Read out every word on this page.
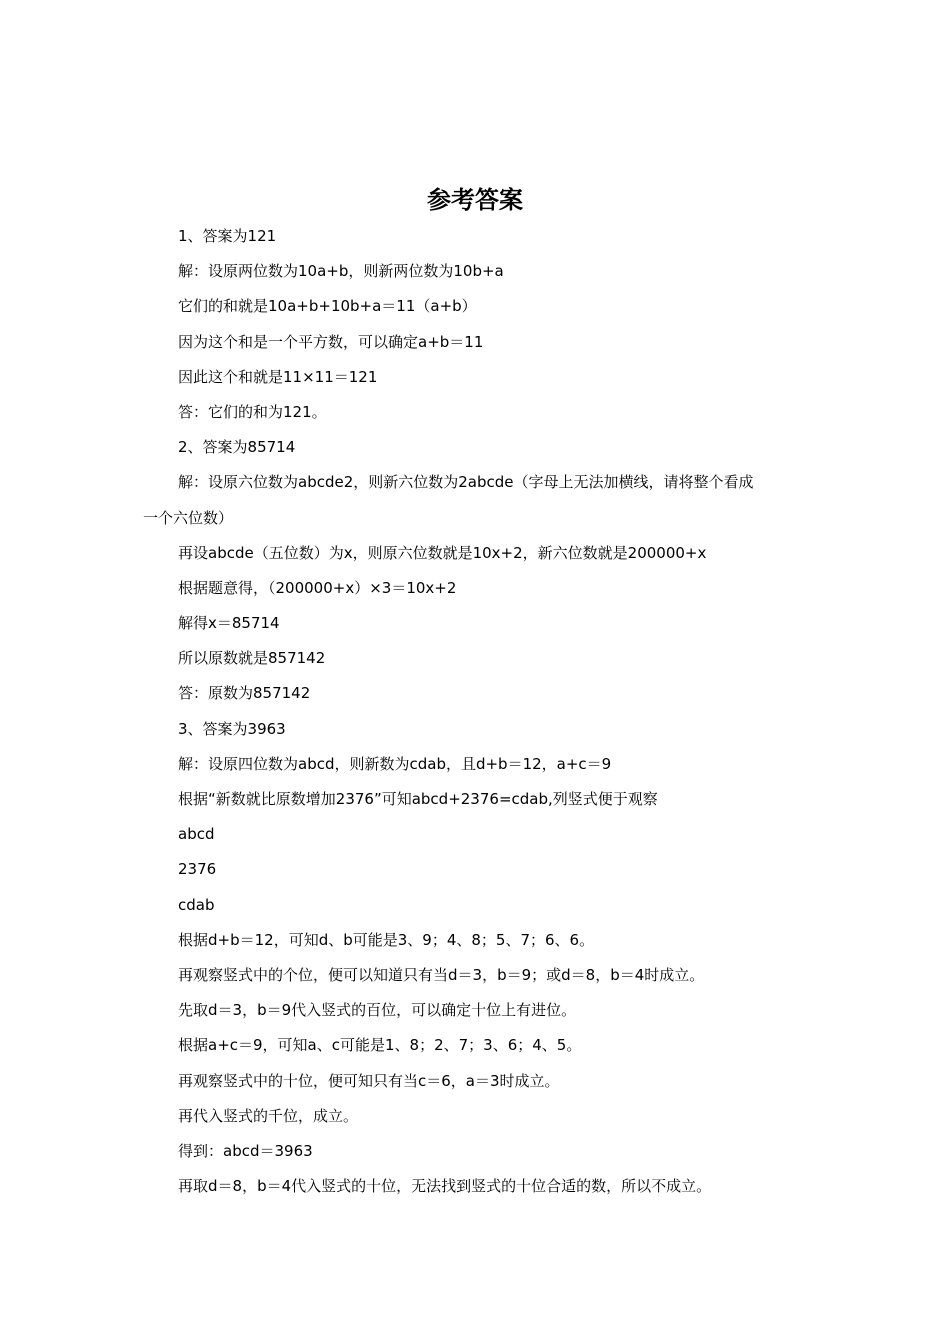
参考答案
1、答案为121
解：设原两位数为10a+b，则新两位数为10b+a
它们的和就是10a+b+10b+a＝11（a+b）
因为这个和是一个平方数，可以确定a+b＝11
因此这个和就是11×11＝121
答：它们的和为121。
2、答案为85714
解：设原六位数为abcde2，则新六位数为2abcde（字母上无法加横线，请将整个看成
一个六位数）
再设abcde（五位数）为x，则原六位数就是10x+2，新六位数就是200000+x
根据题意得，（200000+x）×3＝10x+2
解得x＝85714
所以原数就是857142
答：原数为857142
3、答案为3963
解：设原四位数为abcd，则新数为cdab，且d+b＝12，a+c＝9
根据“新数就比原数增加2376”可知abcd+2376=cdab,列竖式便于观察
abcd
2376
cdab
根据d+b＝12，可知d、b可能是3、9；4、8；5、7；6、6。
再观察竖式中的个位，便可以知道只有当d＝3，b＝9；或d＝8，b＝4时成立。
先取d＝3，b＝9代入竖式的百位，可以确定十位上有进位。
根据a+c＝9，可知a、c可能是1、8；2、7；3、6；4、5。
再观察竖式中的十位，便可知只有当c＝6，a＝3时成立。
再代入竖式的千位，成立。
得到：abcd＝3963
再取d＝8，b＝4代入竖式的十位，无法找到竖式的十位合适的数，所以不成立。
